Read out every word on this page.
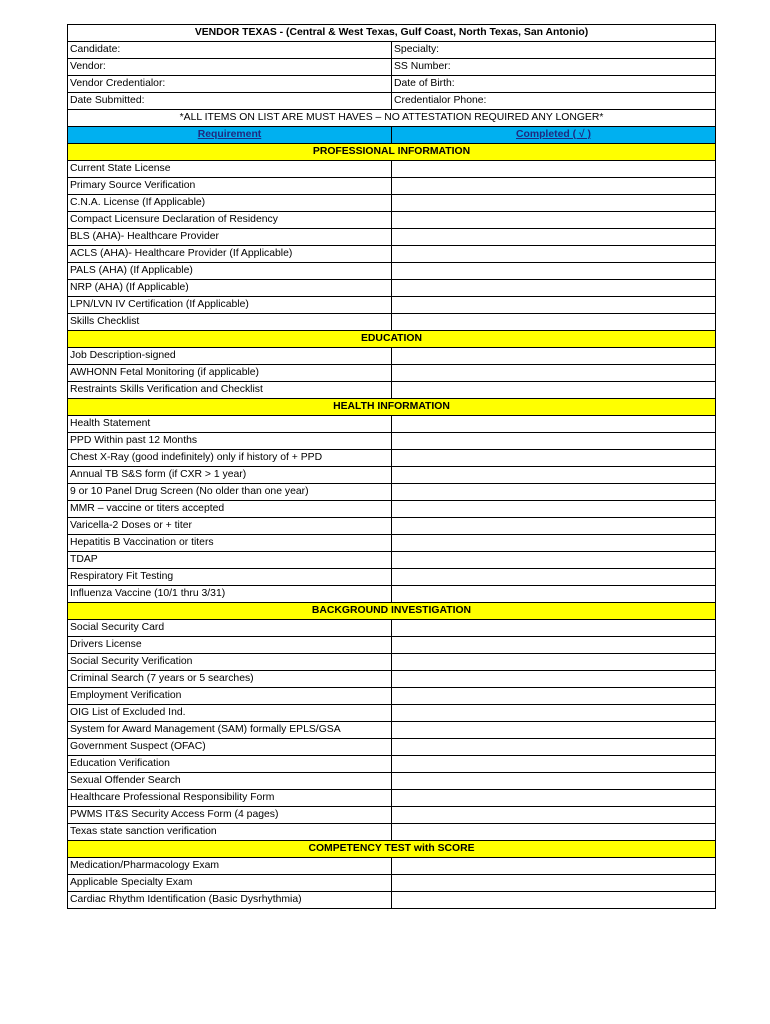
VENDOR TEXAS - (Central & West Texas, Gulf Coast, North Texas, San Antonio)	
Candidate:	Specialty:
Vendor:	SS Number:
Vendor Credentialor:	Date of Birth:
Date Submitted:	Credentialor Phone:
*ALL ITEMS ON LIST ARE MUST HAVES – NO ATTESTATION REQUIRED ANY LONGER*	
Requirement	Completed ( √ )
PROFESSIONAL INFORMATION	
Current State License	
Primary Source Verification	
C.N.A. License (If Applicable)	
Compact Licensure Declaration of Residency	
BLS (AHA)- Healthcare Provider	
ACLS (AHA)- Healthcare Provider (If Applicable)	
PALS (AHA) (If Applicable)	
NRP (AHA) (If Applicable)	
LPN/LVN IV Certification (If Applicable)	
Skills Checklist	
EDUCATION	
Job Description-signed	
AWHONN Fetal Monitoring (if applicable)	
Restraints Skills Verification and Checklist	
HEALTH INFORMATION	
Health Statement	
PPD Within past 12 Months	
Chest X-Ray (good indefinitely) only if history of + PPD	
Annual TB S&S form (if CXR > 1 year)	
9 or 10 Panel Drug Screen (No older than one year)	
MMR – vaccine or titers accepted	
Varicella-2 Doses or + titer	
Hepatitis B Vaccination or titers	
TDAP	
Respiratory Fit Testing	
Influenza Vaccine (10/1 thru 3/31)	
BACKGROUND INVESTIGATION	
Social Security Card	
Drivers License	
Social Security Verification	
Criminal Search (7 years or 5 searches)	
Employment Verification	
OIG List of Excluded Ind.	
System for Award Management (SAM) formally EPLS/GSA	
Government Suspect (OFAC)	
Education Verification	
Sexual Offender Search	
Healthcare Professional Responsibility Form	
PWMS IT&S Security Access Form (4 pages)	
Texas state sanction verification	
COMPETENCY TEST with SCORE	
Medication/Pharmacology Exam	
Applicable Specialty Exam	
Cardiac Rhythm Identification (Basic Dysrhythmia)	
